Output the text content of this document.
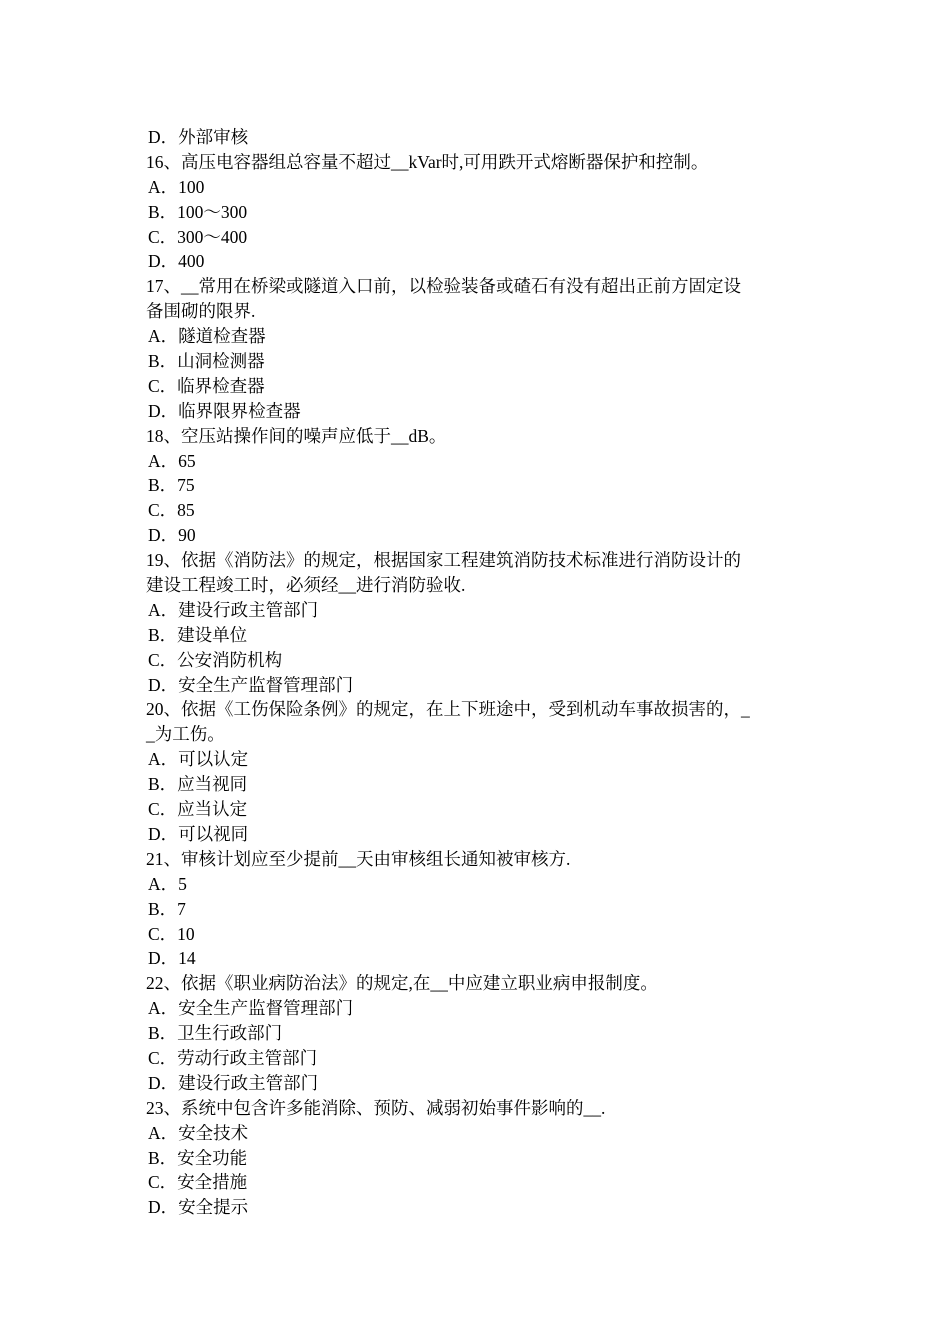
D．外部审核
16、高压电容器组总容量不超过__kVar时,可用跌开式熔断器保护和控制。
A．100
B．100～300
C．300～400
D．400
17、__常用在桥梁或隧道入口前，以检验装备或碴石有没有超出正前方固定设
备围砌的限界.
A．隧道检查器
B．山洞检测器
C．临界检查器
D．临界限界检查器
18、空压站操作间的噪声应低于__dB。
A．65
B．75
C．85
D．90
19、依据《消防法》的规定，根据国家工程建筑消防技术标准进行消防设计的
建设工程竣工时，必须经__进行消防验收.
A．建设行政主管部门
B．建设单位
C．公安消防机构
D．安全生产监督管理部门
20、依据《工伤保险条例》的规定，在上下班途中，受到机动车事故损害的，_
_为工伤。
A．可以认定
B．应当视同
C．应当认定
D．可以视同
21、审核计划应至少提前__天由审核组长通知被审核方.
A．5
B．7
C．10
D．14
22、依据《职业病防治法》的规定,在__中应建立职业病申报制度。
A．安全生产监督管理部门
B．卫生行政部门
C．劳动行政主管部门
D．建设行政主管部门
23、系统中包含许多能消除、预防、减弱初始事件影响的__.
A．安全技术
B．安全功能
C．安全措施
D．安全提示
